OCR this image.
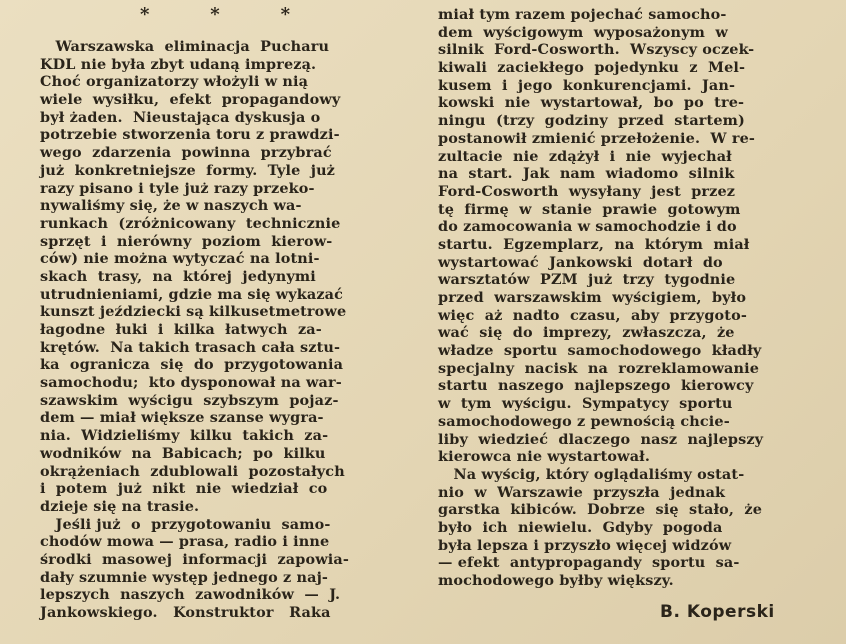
*	*	*
Warszawska  eliminacja  Pucharu
KDL nie była zbyt udaną imprezą.
Choć organizatorzy włożyli w nią
wiele  wysiłku,  efekt  propagandowy
był żaden.  Nieustająca dyskusja o
potrzebie stworzenia toru z prawdzi-
wego  zdarzenia  powinna  przybrać
już  konkretniejsze  formy.  Tyle  już
razy pisano i tyle już razy przeko-
nywaliśmy się, że w naszych wa-
runkach  (zróżnicowany  technicznie
sprzęt  i  nierówny  poziom  kierow-
ców) nie można wytyczać na lotni-
skach  trasy,  na  której  jedynymi
utrudnieniami, gdzie ma się wykazać
kunszt jeździecki są kilkusetmetrowe
łagodne  łuki  i  kilka  łatwych  za-
krętów.  Na takich trasach cała sztu-
ka  ogranicza  się  do  przygotowania
samochodu;  kto dysponował na war-
szawskim  wyścigu  szybszym  pojaz-
dem — miał większe szanse wygra-
nia.  Widzieliśmy  kilku  takich  za-
wodników  na  Babicach;  po  kilku
okrążeniach  zdublowali  pozostałych
i  potem  już  nikt  nie  wiedział  co
dzieje się na trasie.
Jeśli już  o  przygotowaniu  samo-
chodów mowa — prasa, radio i inne
środki  masowej  informacji  zapowia-
dały szumnie występ jednego z naj-
lepszych  naszych  zawodników  —  J.
Jankowskiego.   Konstruktor   Raka
miał tym razem pojechać samocho-
dem  wyścigowym  wyposażonym  w
silnik  Ford-Cosworth.  Wszyscy oczek-
kiwali  zaciekłego  pojedynku  z  Mel-
kusem  i  jego  konkurencjami.  Jan-
kowski  nie  wystartował,  bo  po  tre-
ningu  (trzy  godziny  przed  startem)
postanowił zmienić przełożenie.  W re-
zultacie  nie  zdążył  i  nie  wyjechał
na  start.  Jak  nam  wiadomo  silnik
Ford-Cosworth  wysyłany  jest  przez
tę  firmę  w  stanie  prawie  gotowym
do zamocowania w samochodzie i do
startu.  Egzemplarz,  na  którym  miał
wystartować  Jankowski  dotarł  do
warsztatów  PZM  już  trzy  tygodnie
przed  warszawskim  wyścigiem,  było
więc  aż  nadto  czasu,  aby  przygoto-
wać  się  do  imprezy,  zwłaszcza,  że
władze  sportu  samochodowego  kładły
specjalny  nacisk  na  rozreklamowanie
startu  naszego  najlepszego  kierowcy
w  tym  wyścigu.  Sympatycy  sportu
samochodowego z pewnością chcie-
liby  wiedzieć  dlaczego  nasz  najlepszy
kierowca nie wystartował.
Na wyścig, który oglądaliśmy ostat-
nio  w  Warszawie  przyszła  jednak
garstka  kibiców.  Dobrze  się  stało,  że
było  ich  niewielu.  Gdyby  pogoda
była lepsza i przyszło więcej widzów
— efekt  antypropagandy  sportu  sa-
mochodowego byłby większy.
B. Koperski
